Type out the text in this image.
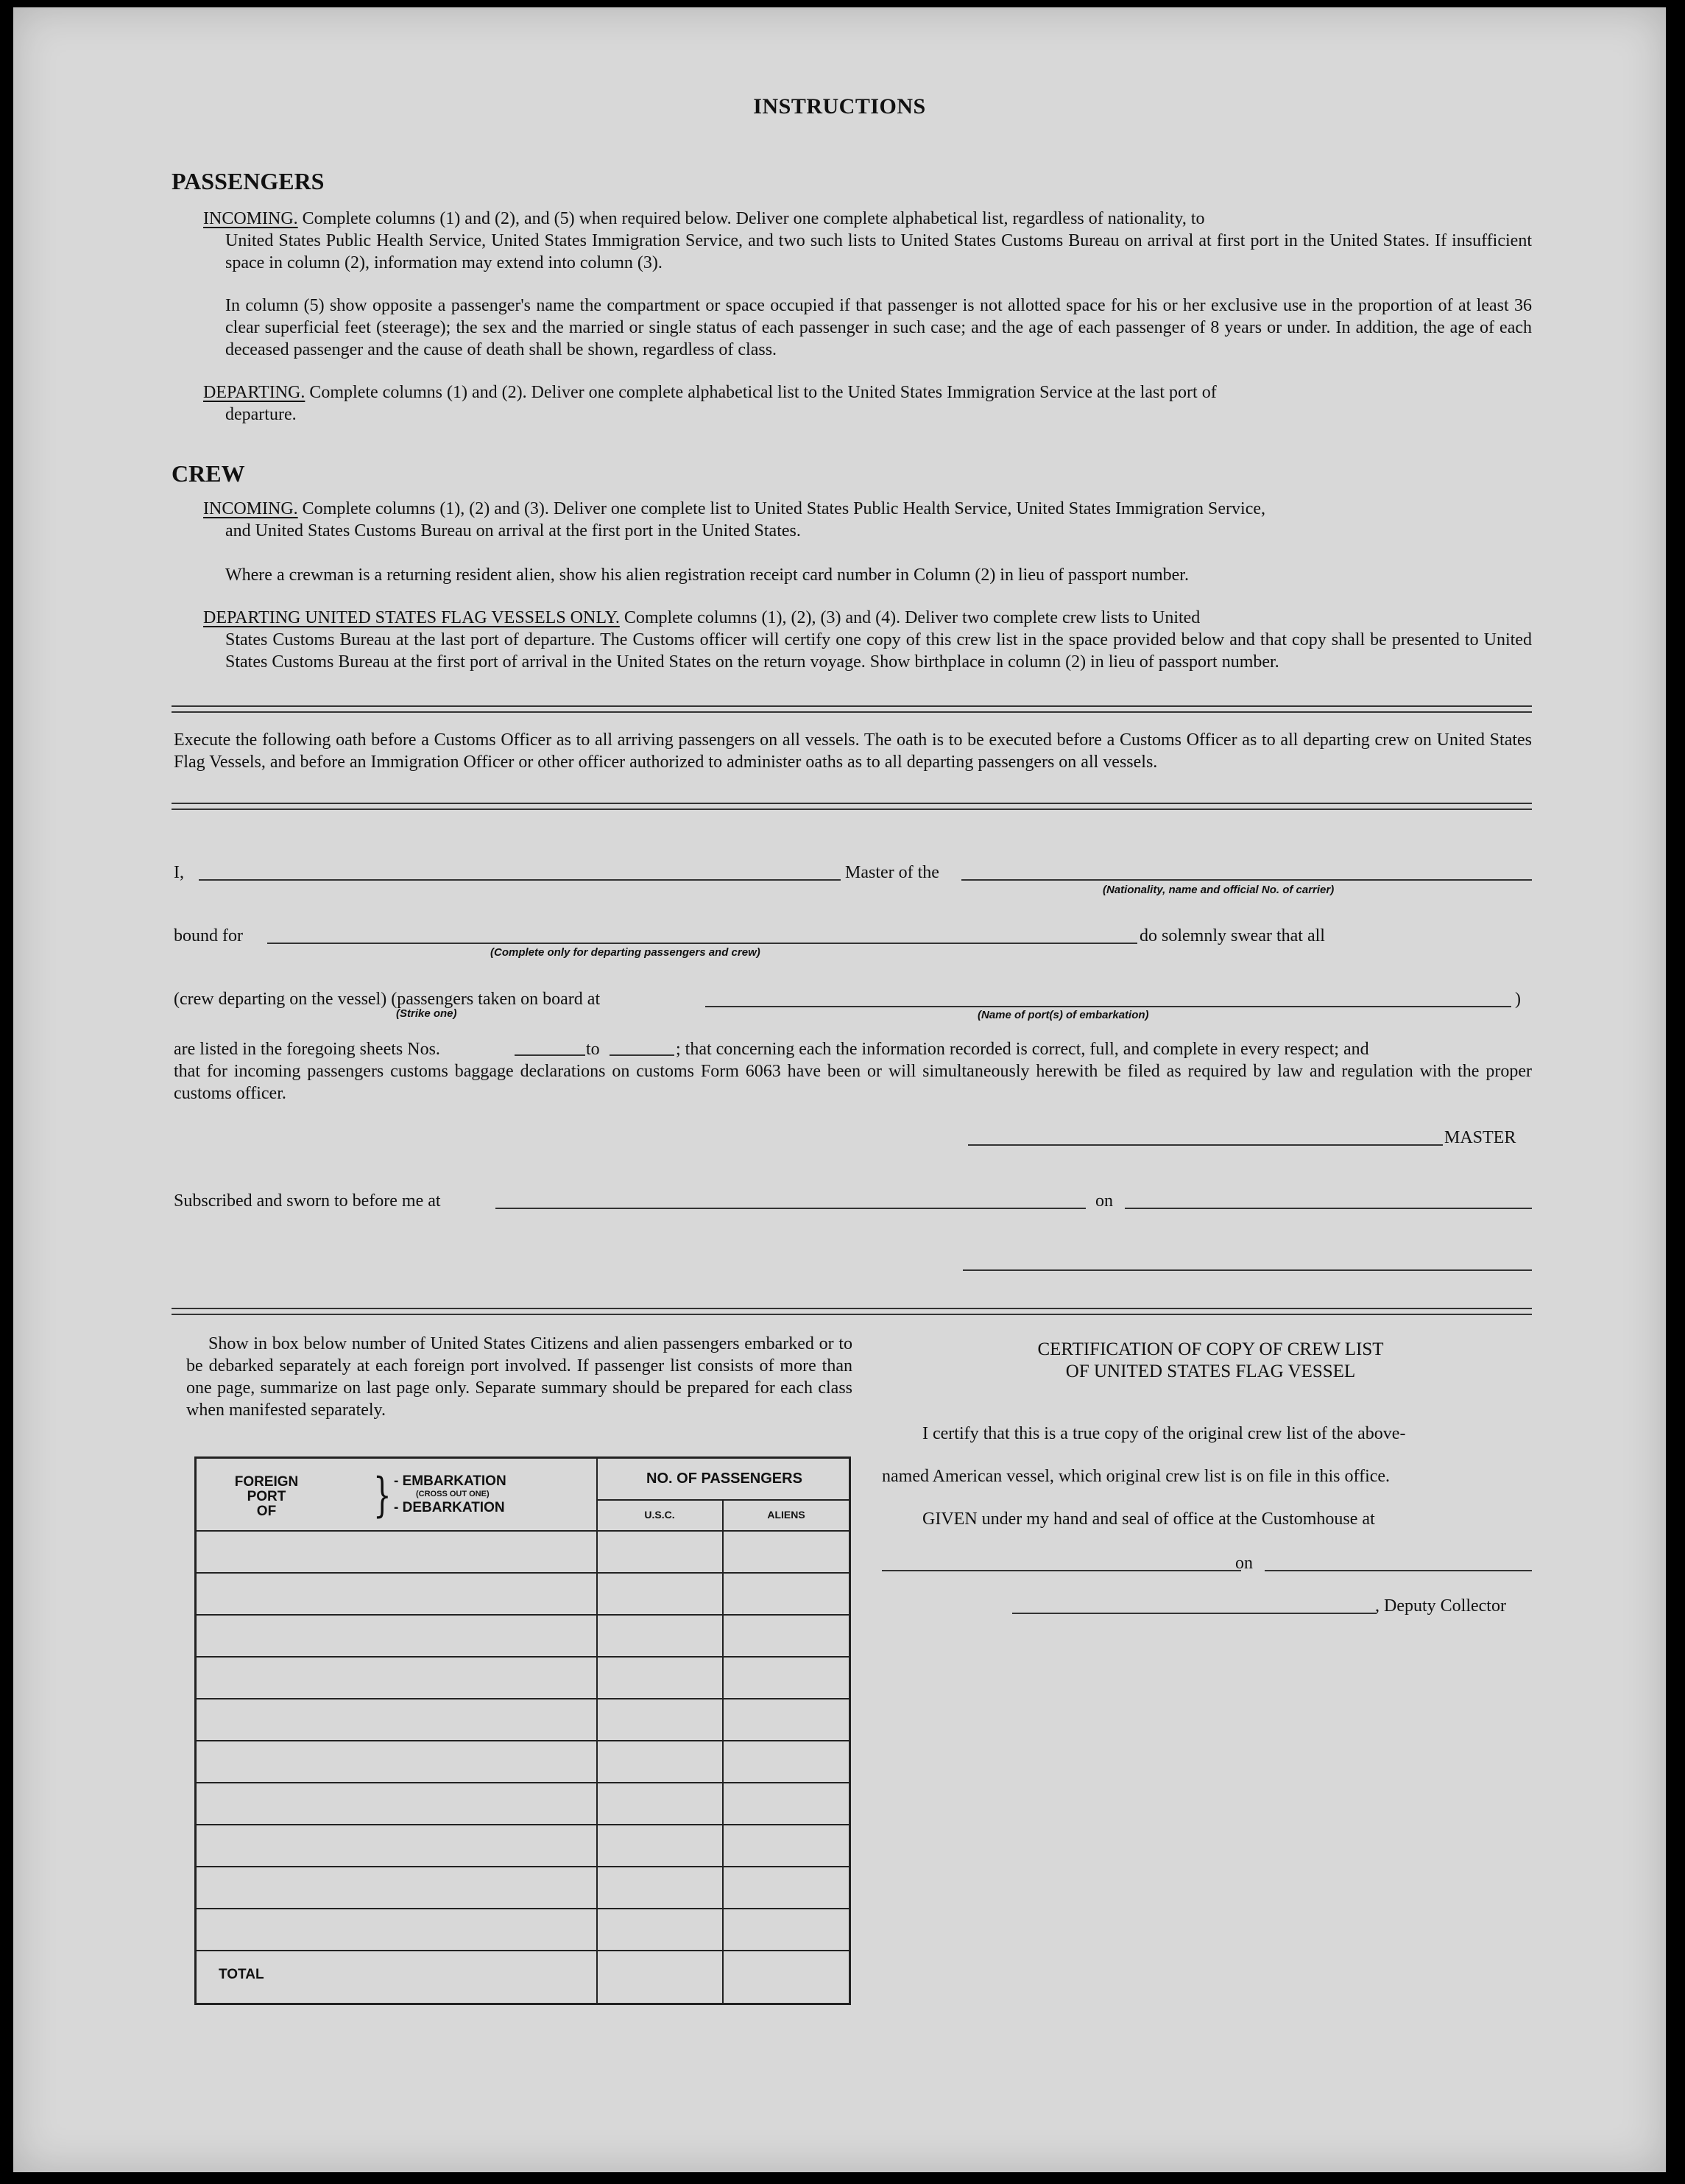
INSTRUCTIONS
PASSENGERS
INCOMING. Complete columns (1) and (2), and (5) when required below. Deliver one complete alphabetical list, regardless of nationality, to
United States Public Health Service, United States Immigration Service, and two such lists to United States Customs Bureau on arrival at first port in the United States. If insufficient space in column (2), information may extend into column (3).
In column (5) show opposite a passenger's name the compartment or space occupied if that passenger is not allotted space for his or her exclusive use in the proportion of at least 36 clear superficial feet (steerage); the sex and the married or single status of each passenger in such case; and the age of each passenger of 8 years or under. In addition, the age of each deceased passenger and the cause of death shall be shown, regardless of class.
DEPARTING. Complete columns (1) and (2). Deliver one complete alphabetical list to the United States Immigration Service at the last port of
departure.
CREW
INCOMING. Complete columns (1), (2) and (3). Deliver one complete list to United States Public Health Service, United States Immigration Service,
and United States Customs Bureau on arrival at the first port in the United States.
Where a crewman is a returning resident alien, show his alien registration receipt card number in Column (2) in lieu of passport number.
DEPARTING UNITED STATES FLAG VESSELS ONLY. Complete columns (1), (2), (3) and (4). Deliver two complete crew lists to United
States Customs Bureau at the last port of departure. The Customs officer will certify one copy of this crew list in the space provided below and that copy shall be presented to United States Customs Bureau at the first port of arrival in the United States on the return voyage. Show birthplace in column (2) in lieu of passport number.
Execute the following oath before a Customs Officer as to all arriving passengers on all vessels. The oath is to be executed before a Customs Officer as to all departing crew on United States Flag Vessels, and before an Immigration Officer or other officer authorized to administer oaths as to all departing passengers on all vessels.
I,	Master of the
(Nationality, name and official No. of carrier)
bound for
(Complete only for departing passengers and crew)
do solemnly swear that all
(crew departing on the vessel) (passengers taken on board at
(Strike one)
)
(Name of port(s) of embarkation)
are listed in the foregoing sheets Nos.	to	; that concerning each the information recorded is correct, full, and complete in every respect; and
that for incoming passengers customs baggage declarations on customs Form 6063 have been or will simultaneously herewith be filed as required by law and regulation with the proper customs officer.
MASTER
Subscribed and sworn to before me at	on
Show in box below number of United States Citizens and alien passengers embarked or to be debarked separately at each foreign port involved. If passenger list consists of more than one page, summarize on last page only. Separate summary should be prepared for each class when manifested separately.
FOREIGN
PORT
OF	} - EMBARKATION
(CROSS OUT ONE)
- DEBARKATION
NO. OF PASSENGERS
U.S.C.	ALIENS
TOTAL
CERTIFICATION OF COPY OF CREW LIST
OF UNITED STATES FLAG VESSEL
I certify that this is a true copy of the original crew list of the above-
named American vessel, which original crew list is on file in this office.
GIVEN under my hand and seal of office at the Customhouse at
on
, Deputy Collector
